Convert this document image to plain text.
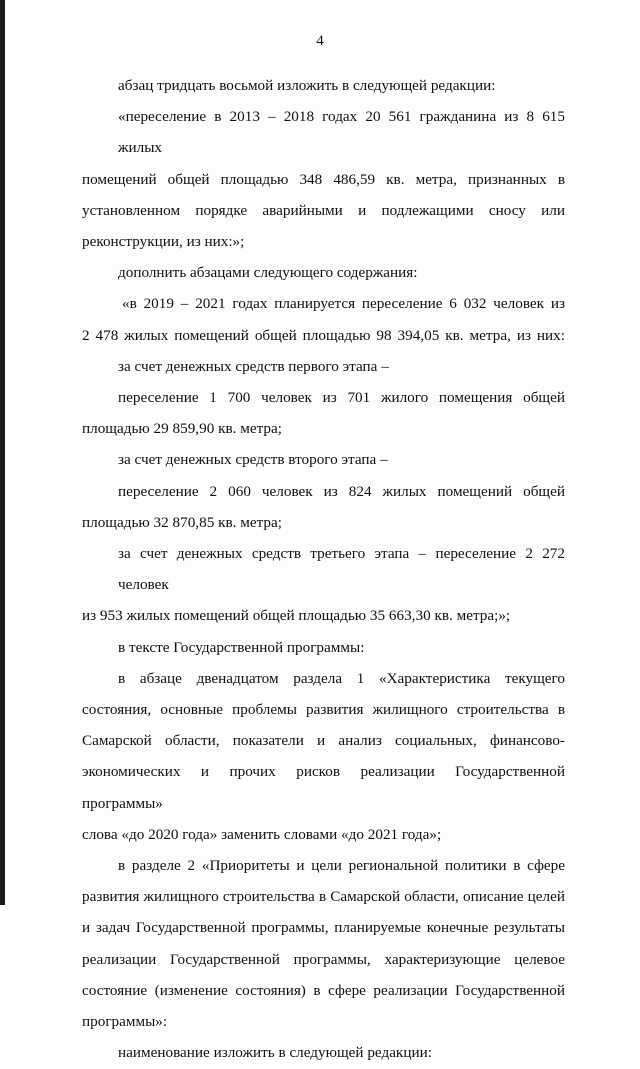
4
абзац тридцать восьмой изложить в следующей редакции:
«переселение в 2013 – 2018 годах 20 561 гражданина из 8 615 жилых
помещений общей площадью 348 486,59 кв. метра, признанных в
установленном порядке аварийными и подлежащими сносу или
реконструкции, из них:»;
дополнить абзацами следующего содержания:
«в 2019 – 2021 годах планируется переселение 6 032 человек из
2 478 жилых помещений общей площадью 98 394,05 кв. метра, из них:
за счет денежных средств первого этапа –
переселение 1 700 человек из 701 жилого помещения общей
площадью 29 859,90 кв. метра;
за счет денежных средств второго этапа –
переселение 2 060 человек из 824 жилых помещений общей
площадью 32 870,85 кв. метра;
за счет денежных средств третьего этапа – переселение 2 272 человек
из 953 жилых помещений общей площадью 35 663,30 кв. метра;»;
в тексте Государственной программы:
в абзаце двенадцатом раздела 1 «Характеристика текущего
состояния, основные проблемы развития жилищного строительства в
Самарской области, показатели и анализ социальных, финансово-
экономических и прочих рисков реализации Государственной программы»
слова «до 2020 года» заменить словами «до 2021 года»;
в разделе 2 «Приоритеты и цели региональной политики в сфере
развития жилищного строительства в Самарской области, описание целей
и задач Государственной программы, планируемые конечные результаты
реализации Государственной программы, характеризующие целевое
состояние (изменение состояния) в сфере реализации Государственной
программы»:
наименование изложить в следующей редакции:
